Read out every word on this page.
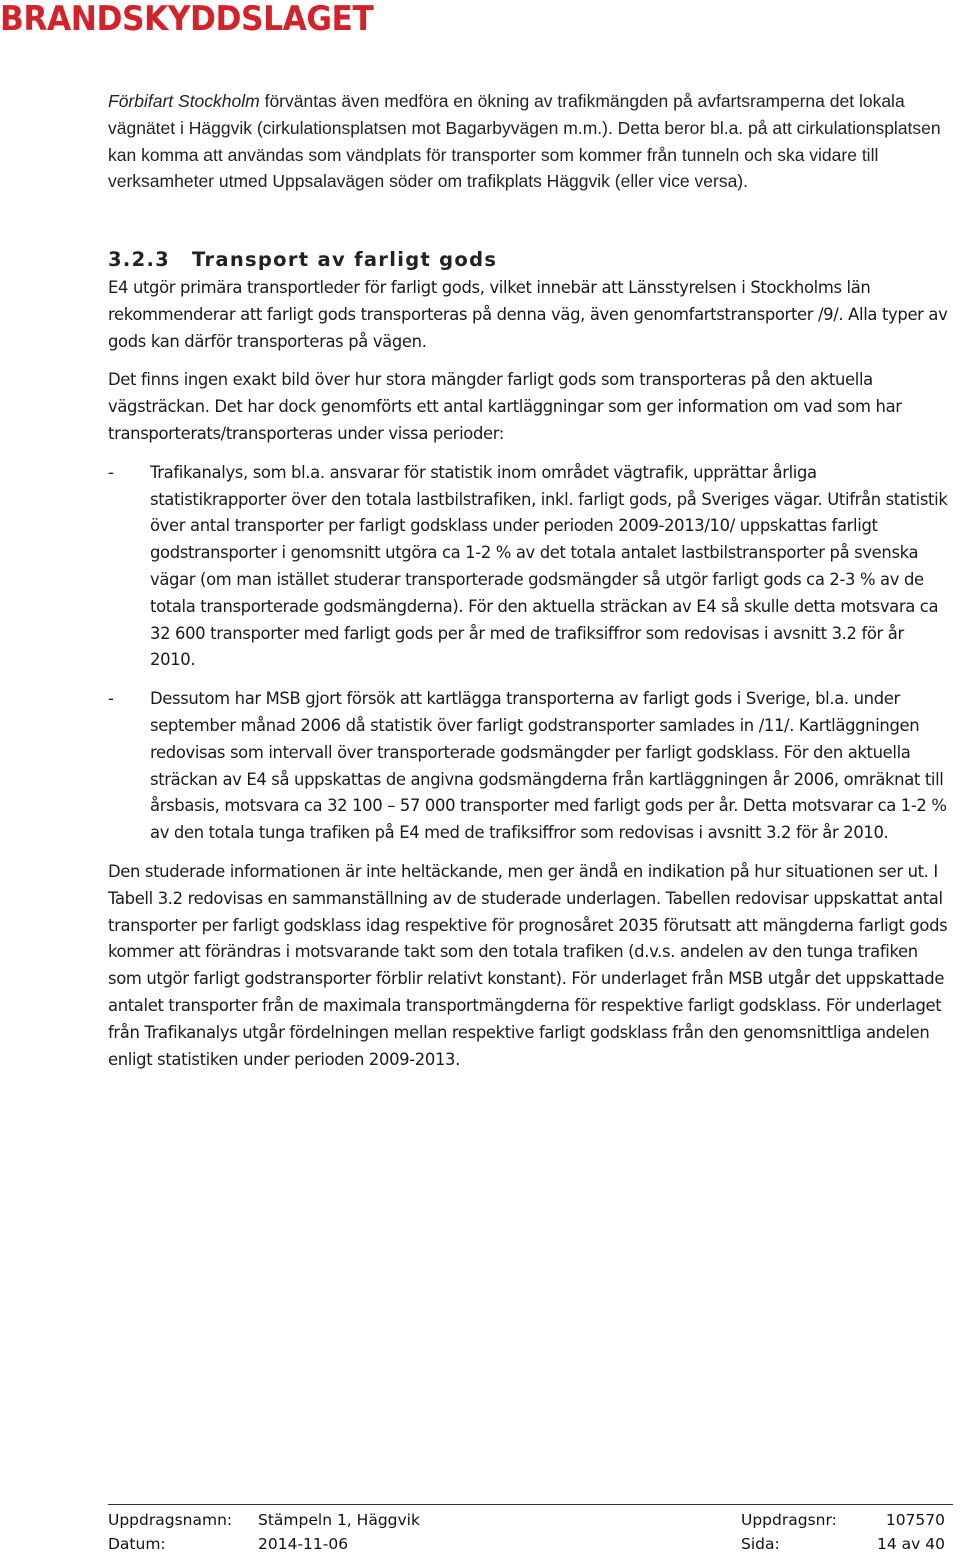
BRANDSKYDDSLAGET

Förbifart Stockholm förväntas även medföra en ökning av trafikmängden på avfartsramperna det lokala vägnätet i Häggvik (cirkulationsplatsen mot Bagarbyvägen m.m.). Detta beror bl.a. på att cirkulationsplatsen kan komma att användas som vändplats för transporter som kommer från tunneln och ska vidare till verksamheter utmed Uppsalavägen söder om trafikplats Häggvik (eller vice versa).

3.2.3 Transport av farligt gods

E4 utgör primära transportleder för farligt gods, vilket innebär att Länsstyrelsen i Stockholms län rekommenderar att farligt gods transporteras på denna väg, även genomfartstransporter /9/. Alla typer av gods kan därför transporteras på vägen.

Det finns ingen exakt bild över hur stora mängder farligt gods som transporteras på den aktuella vägsträckan. Det har dock genomförts ett antal kartläggningar som ger information om vad som har transporterats/transporteras under vissa perioder:

- Trafikanalys, som bl.a. ansvarar för statistik inom området vägtrafik, upprättar årliga statistikrapporter över den totala lastbilstrafiken, inkl. farligt gods, på Sveriges vägar. Utifrån statistik över antal transporter per farligt godsklass under perioden 2009-2013/10/ uppskattas farligt godstransporter i genomsnitt utgöra ca 1-2 % av det totala antalet lastbilstransporter på svenska vägar (om man istället studerar transporterade godsmängder så utgör farligt gods ca 2-3 % av de totala transporterade godsmängderna). För den aktuella sträckan av E4 så skulle detta motsvara ca 32 600 transporter med farligt gods per år med de trafiksiffror som redovisas i avsnitt 3.2 för år 2010.
- Dessutom har MSB gjort försök att kartlägga transporterna av farligt gods i Sverige, bl.a. under september månad 2006 då statistik över farligt godstransporter samlades in /11/. Kartläggningen redovisas som intervall över transporterade godsmängder per farligt godsklass. För den aktuella sträckan av E4 så uppskattas de angivna godsmängderna från kartläggningen år 2006, omräknat till årsbasis, motsvara ca 32 100 – 57 000 transporter med farligt gods per år. Detta motsvarar ca 1-2 % av den totala tunga trafiken på E4 med de trafiksiffror som redovisas i avsnitt 3.2 för år 2010.

Den studerade informationen är inte heltäckande, men ger ändå en indikation på hur situationen ser ut. I Tabell 3.2 redovisas en sammanställning av de studerade underlagen. Tabellen redovisar uppskattat antal transporter per farligt godsklass idag respektive för prognosåret 2035 förutsatt att mängderna farligt gods kommer att förändras i motsvarande takt som den totala trafiken (d.v.s. andelen av den tunga trafiken som utgör farligt godstransporter förblir relativt konstant). För underlaget från MSB utgår det uppskattade antalet transporter från de maximala transportmängderna för respektive farligt godsklass. För underlaget från Trafikanalys utgår fördelningen mellan respektive farligt godsklass från den genomsnittliga andelen enligt statistiken under perioden 2009-2013.

Uppdragsnamn: Stämpeln 1, Häggvik	Uppdragsnr:	107570
Datum:	2014-11-06	Sida:	14 av 40
